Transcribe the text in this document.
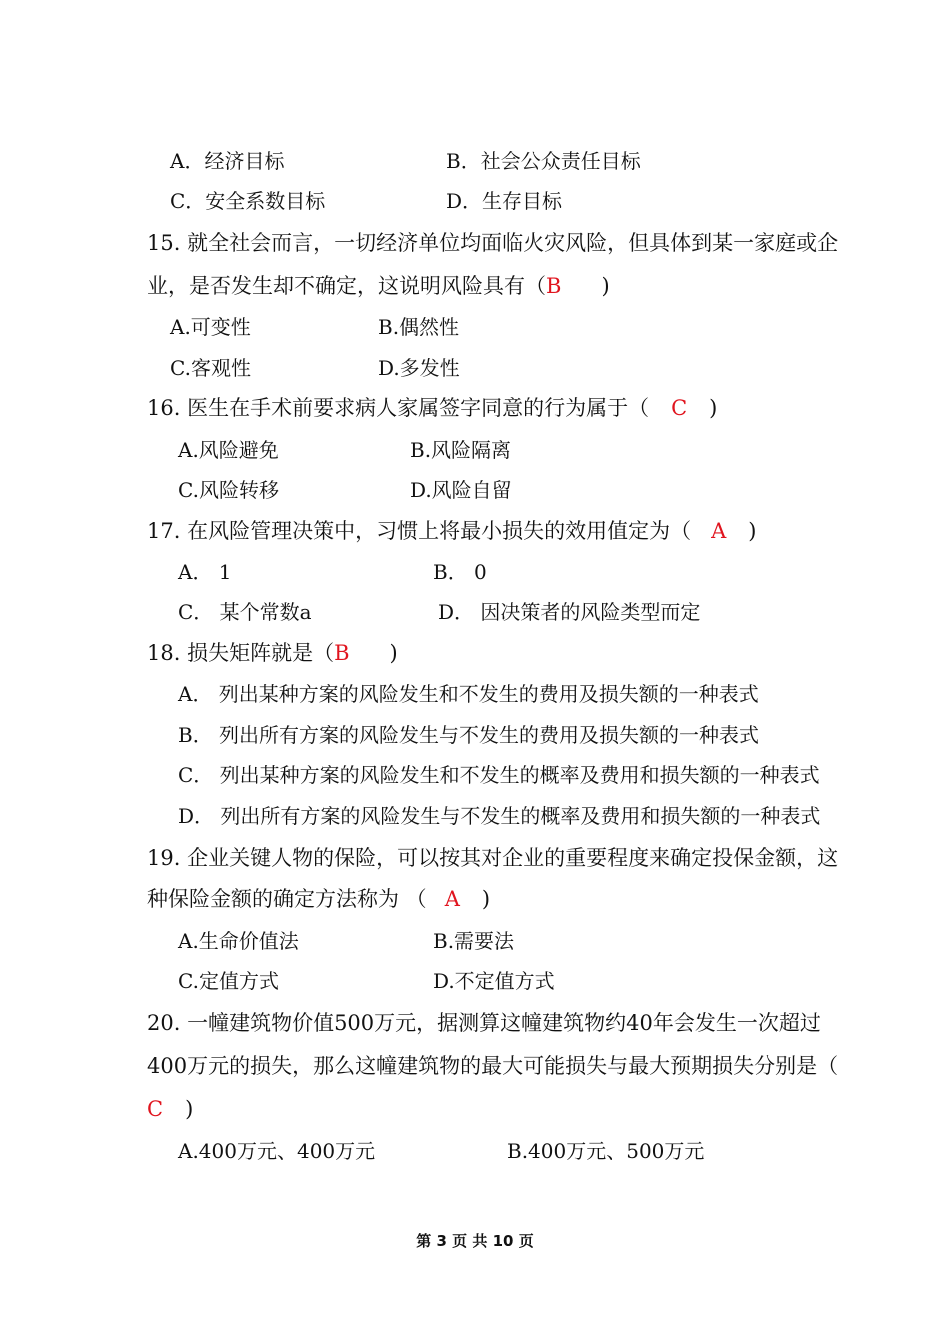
A．经济目标	B．社会公众责任目标
C．安全系数目标	D．生存目标
15. 就全社会而言，一切经济单位均面临火灾风险，但具体到某一家庭或企
业，是否发生却不确定，这说明风险具有（B )
A.可变性	B.偶然性
C.客观性	D.多发性
16. 医生在手术前要求病人家属签字同意的行为属于（ C )
A.风险避免	B.风险隔离
C.风险转移	D.风险自留
17. 在风险管理决策中，习惯上将最小损失的效用值定为（ A )
A． 1	B． 0
C． 某个常数a	D． 因决策者的风险类型而定
18. 损失矩阵就是（B )
A． 列出某种方案的风险发生和不发生的费用及损失额的一种表式
B． 列出所有方案的风险发生与不发生的费用及损失额的一种表式
C． 列出某种方案的风险发生和不发生的概率及费用和损失额的一种表式
D． 列出所有方案的风险发生与不发生的概率及费用和损失额的一种表式
19. 企业关键人物的保险，可以按其对企业的重要程度来确定投保金额，这
种保险金额的确定方法称为 （ A )
A.生命价值法	B.需要法
C.定值方式	D.不定值方式
20. 一幢建筑物价值500万元，据测算这幢建筑物约40年会发生一次超过
400万元的损失，那么这幢建筑物的最大可能损失与最大预期损失分别是（
C )
A.400万元、400万元	B.400万元、500万元
第 3 页 共 10 页
